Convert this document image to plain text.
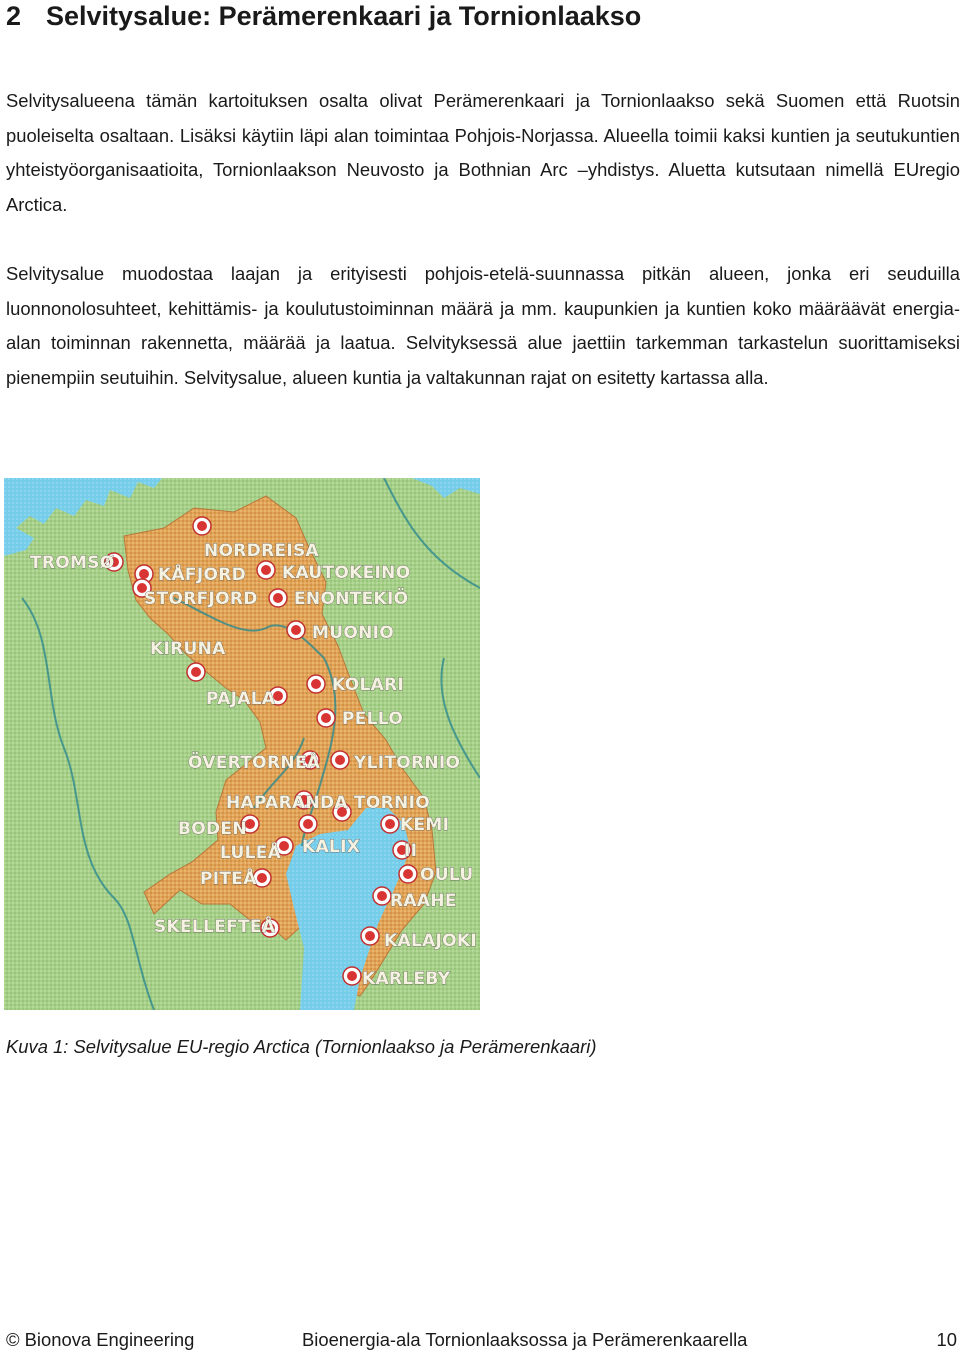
2 Selvitysalue: Perämerenkaari ja Tornionlaakso

Selvitysalueena tämän kartoituksen osalta olivat Perämerenkaari ja Tornionlaakso sekä Suomen että Ruotsin puoleiselta osaltaan. Lisäksi käytiin läpi alan toimintaa Pohjois-Norjassa. Alueella toimii kaksi kuntien ja seutukuntien yhteistyöorganisaatioita, Tornionlaakson Neuvosto ja Bothnian Arc –yhdistys. Aluetta kutsutaan nimellä EUregio Arctica.

Selvitysalue muodostaa laajan ja erityisesti pohjois-etelä-suunnassa pitkän alueen, jonka eri seuduilla luonnonolosuhteet, kehittämis- ja koulutustoiminnan määrä ja mm. kaupunkien ja kuntien koko määräävät energia-alan toiminnan rakennetta, määrää ja laatua. Selvityksessä alue jaettiin tarkemman tarkastelun suorittamiseksi pienempiin seutuihin. Selvitysalue, alueen kuntia ja valtakunnan rajat on esitetty kartassa alla.

TROMSØ
NORDREISA
KÅFJORD
STORFJORD
KAUTOKEINO
ENONTEKIÖ
MUONIO
KIRUNA
KOLARI
PAJALA
PELLO
ÖVERTORNEÅ YLITORNIO
HAPARANDA TORNIO
BODEN	KEMI
II
LULEÅ KALIX
OULU
PITEÅ
RAAHE
SKELLEFTEÅ
KALAJOKI
KARLEBY

Kuva 1: Selvitysalue EU-regio Arctica (Tornionlaakso ja Perämerenkaari)

© Bionova Engineering	Bioenergia-ala Tornionlaaksossa ja Perämerenkaarella	10
